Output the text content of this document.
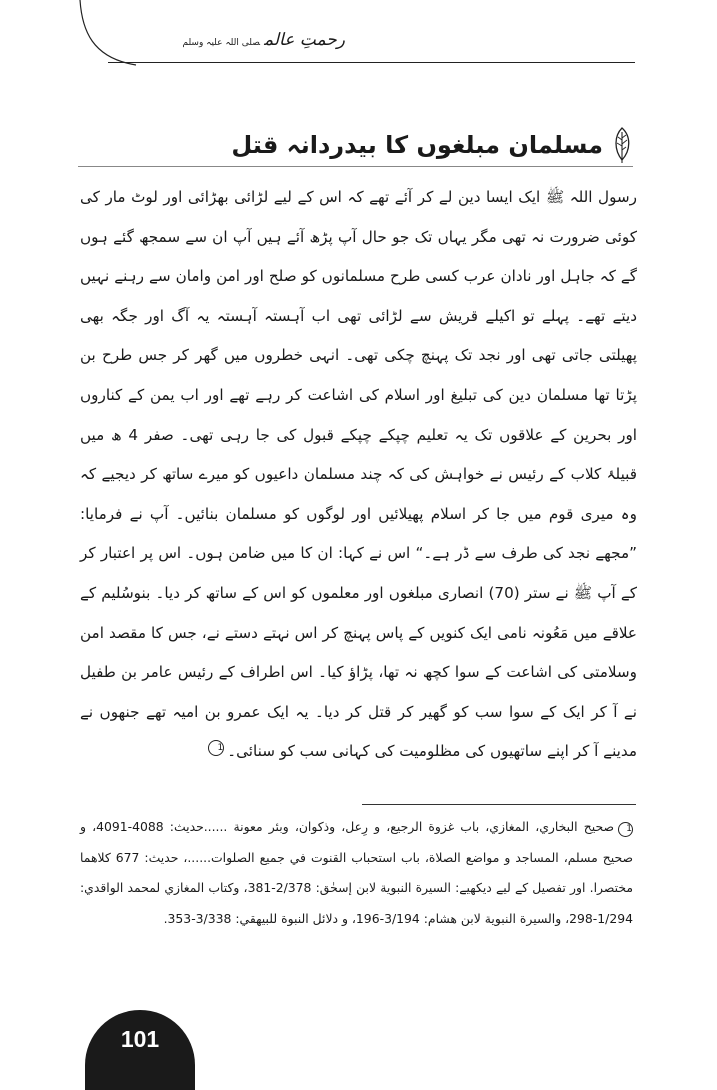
رحمتِ عالمصلی اللہ علیہ وسلم
مسلمان مبلغوں کا بیدردانہ قتل
رسول اللہ ﷺ ایک ایسا دین لے کر آئے تھے کہ اس کے لیے لڑائی بھڑائی اور لوٹ مار کی کوئی ضرورت نہ تھی مگر یہاں تک جو حال آپ پڑھ آئے ہیں آپ ان سے سمجھ گئے ہوں گے کہ جاہل اور نادان عرب کسی طرح مسلمانوں کو صلح اور امن وامان سے رہنے نہیں دیتے تھے۔ پہلے تو اکیلے قریش سے لڑائی تھی اب آہستہ آہستہ یہ آگ اور جگہ بھی پھیلتی جاتی تھی اور نجد تک پہنچ چکی تھی۔ انہی خطروں میں گھر کر جس طرح بن پڑتا تھا مسلمان دین کی تبلیغ اور اسلام کی اشاعت کر رہے تھے اور اب یمن کے کناروں اور بحرین کے علاقوں تک یہ تعلیم چپکے چپکے قبول کی جا رہی تھی۔ صفر 4 ھ میں قبیلۂ کلاب کے رئیس نے خواہش کی کہ چند مسلمان داعیوں کو میرے ساتھ کر دیجیے کہ وہ میری قوم میں جا کر اسلام پھیلائیں اور لوگوں کو مسلمان بنائیں۔ آپ نے فرمایا: ”مجھے نجد کی طرف سے ڈر ہے۔“ اس نے کہا: ان کا میں ضامن ہوں۔ اس پر اعتبار کر کے آپ ﷺ نے ستر (70) انصاری مبلغوں اور معلموں کو اس کے ساتھ کر دیا۔ بنوسُلیم کے علاقے میں مَعُونہ نامی ایک کنویں کے پاس پہنچ کر اس نہتے دستے نے، جس کا مقصد امن وسلامتی کی اشاعت کے سوا کچھ نہ تھا، پڑاؤ کیا۔ اس اطراف کے رئیس عامر بن طفیل نے آ کر ایک کے سوا سب کو گھیر کر قتل کر دیا۔ یہ ایک عمرو بن امیہ تھے جنھوں نے مدینے آ کر اپنے ساتھیوں کی مظلومیت کی کہانی سب کو سنائی۔1
1صحيح البخاري، المغازي، باب غزوة الرجيع، و رِعل، وذكوان، وبئر معونة ......حديث: 4088-4091، و صحيح مسلم، المساجد و مواضع الصلاة، باب استحباب القنوت في جميع الصلوات......، حديث: 677 كلاهما مختصرا. اور تفصیل کے لیے دیکھیے: السيرة النبوية لابن إسحٰق: 2/378-381، وكتاب المغازي لمحمد الواقدي: 1/294-298، والسيرة النبوية لابن هشام: 3/194-196، و دلائل النبوة للبيهقي: 3/338-353.
101
